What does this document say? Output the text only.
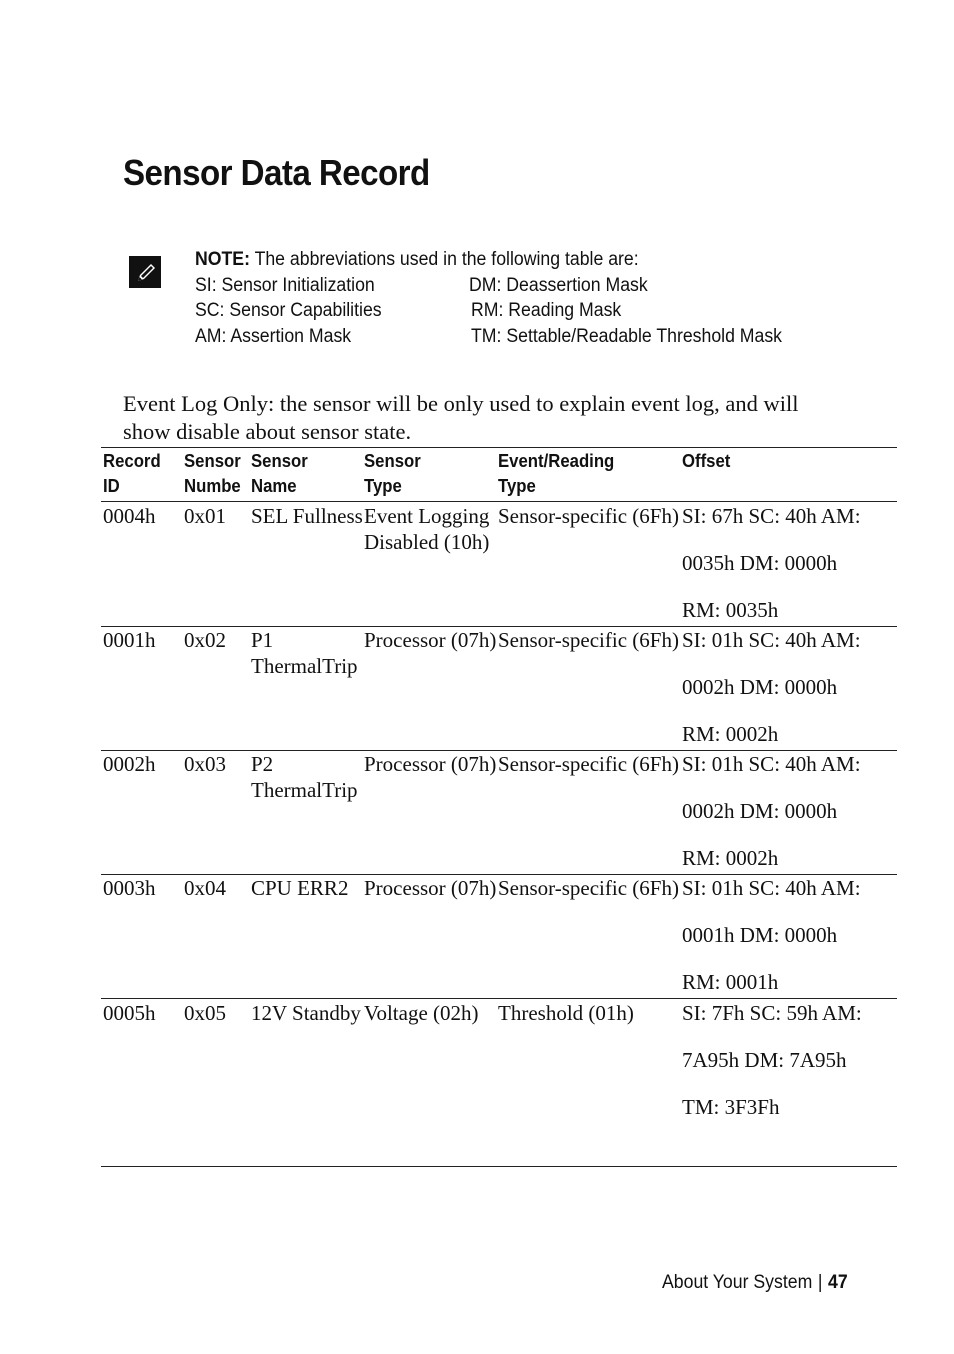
Sensor Data Record
NOTE: The abbreviations used in the following table are:
SI: Sensor Initialization
SC: Sensor Capabilities
AM: Assertion Mask
DM: Deassertion Mask
RM: Reading Mask
TM: Settable/Readable Threshold Mask
Event Log Only: the sensor will be only used to explain event log, and will show disable about sensor state.
Record
ID
Sensor
Numbe
Sensor
Name
Sensor
Type
Event/Reading
Type
Offset
0004h 0x01 SEL Fullness Event Logging
Disabled (10h)
Sensor-specific (6Fh) SI: 67h SC: 40h AM:
0035h DM: 0000h
RM: 0035h
0001h 0x02 P1
ThermalTrip
Processor (07h) Sensor-specific (6Fh) SI: 01h SC: 40h AM:
0002h DM: 0000h
RM: 0002h
0002h 0x03 P2
ThermalTrip
Processor (07h) Sensor-specific (6Fh) SI: 01h SC: 40h AM:
0002h DM: 0000h
RM: 0002h
0003h 0x04 CPU ERR2 Processor (07h) Sensor-specific (6Fh) SI: 01h SC: 40h AM:
0001h DM: 0000h
RM: 0001h
0005h 0x05 12V Standby Voltage (02h) Threshold (01h) SI: 7Fh SC: 59h AM:
7A95h DM: 7A95h
TM: 3F3Fh
About Your System | 47
